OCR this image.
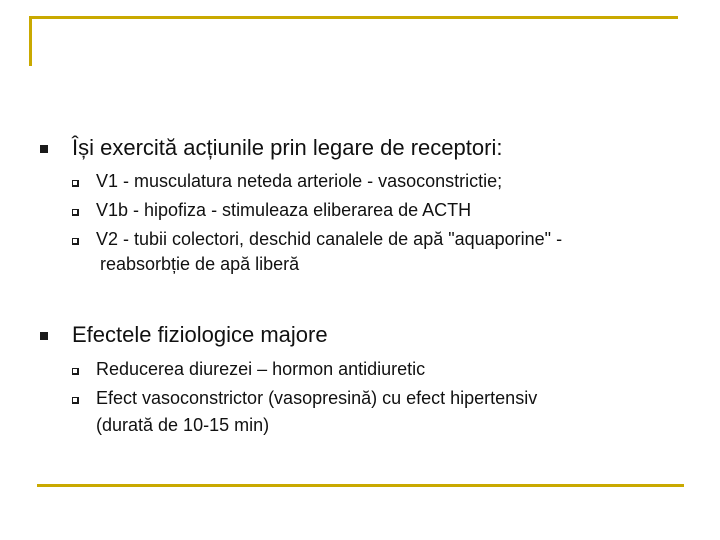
Își exercită acțiunile prin legare de receptori:
V1 - musculatura neteda arteriole - vasoconstrictie;
V1b - hipofiza - stimuleaza eliberarea de ACTH
V2 - tubii colectori, deschid canalele de apă "aquaporine" -
reabsorbție de apă liberă
Efectele fiziologice majore
Reducerea diurezei – hormon antidiuretic
Efect vasoconstrictor (vasopresină) cu efect hipertensiv
(durată de 10-15 min)
